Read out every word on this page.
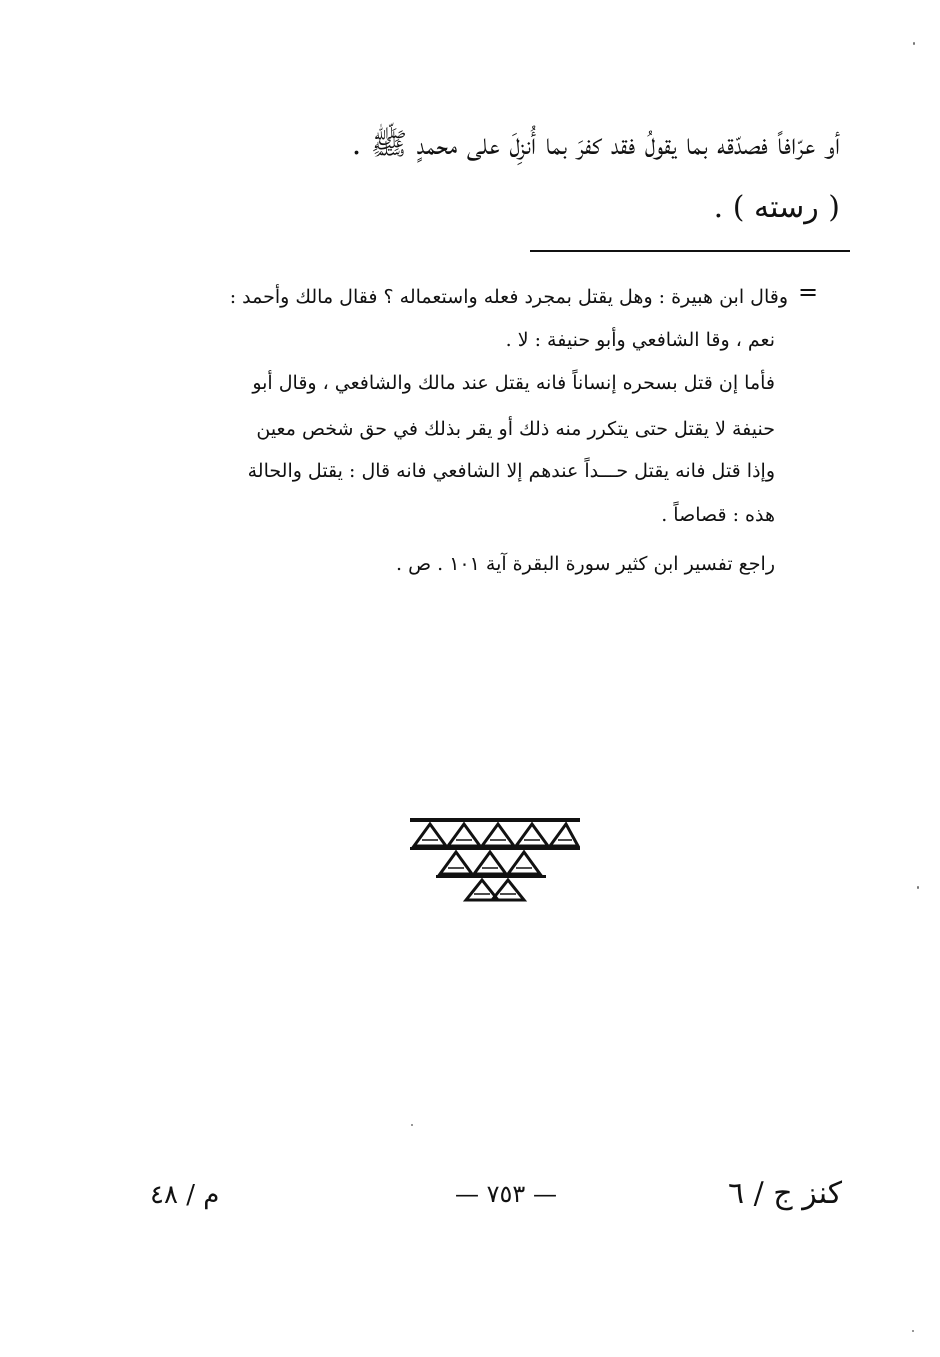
أو عرّافاً فصدّقه بما يقولُ فقد كفرَ بما أُنزِلَ على محمدٍ ﷺ .
( رسته ) .
=
وقال ابن هبيرة : وهل يقتل بمجرد فعله واستعماله ؟ فقال مالك وأحمد :
نعم ، وقا الشافعي وأبو حنيفة : لا .
فأما إن قتل بسحره إنساناً فانه يقتل عند مالك والشافعي ، وقال أبو
حنيفة لا يقتل حتى يتكرر منه ذلك أو يقر بذلك في حق شخص معين
وإذا قتل فانه يقتل حـــداً عندهم إلا الشافعي فانه قال : يقتل والحالة
هذه : قصاصاً .
راجع تفسير ابن كثير سورة البقرة آية ١٠١ . ص .
م / ٤٨	— ٧٥٣ —	كنز ج / ٦
